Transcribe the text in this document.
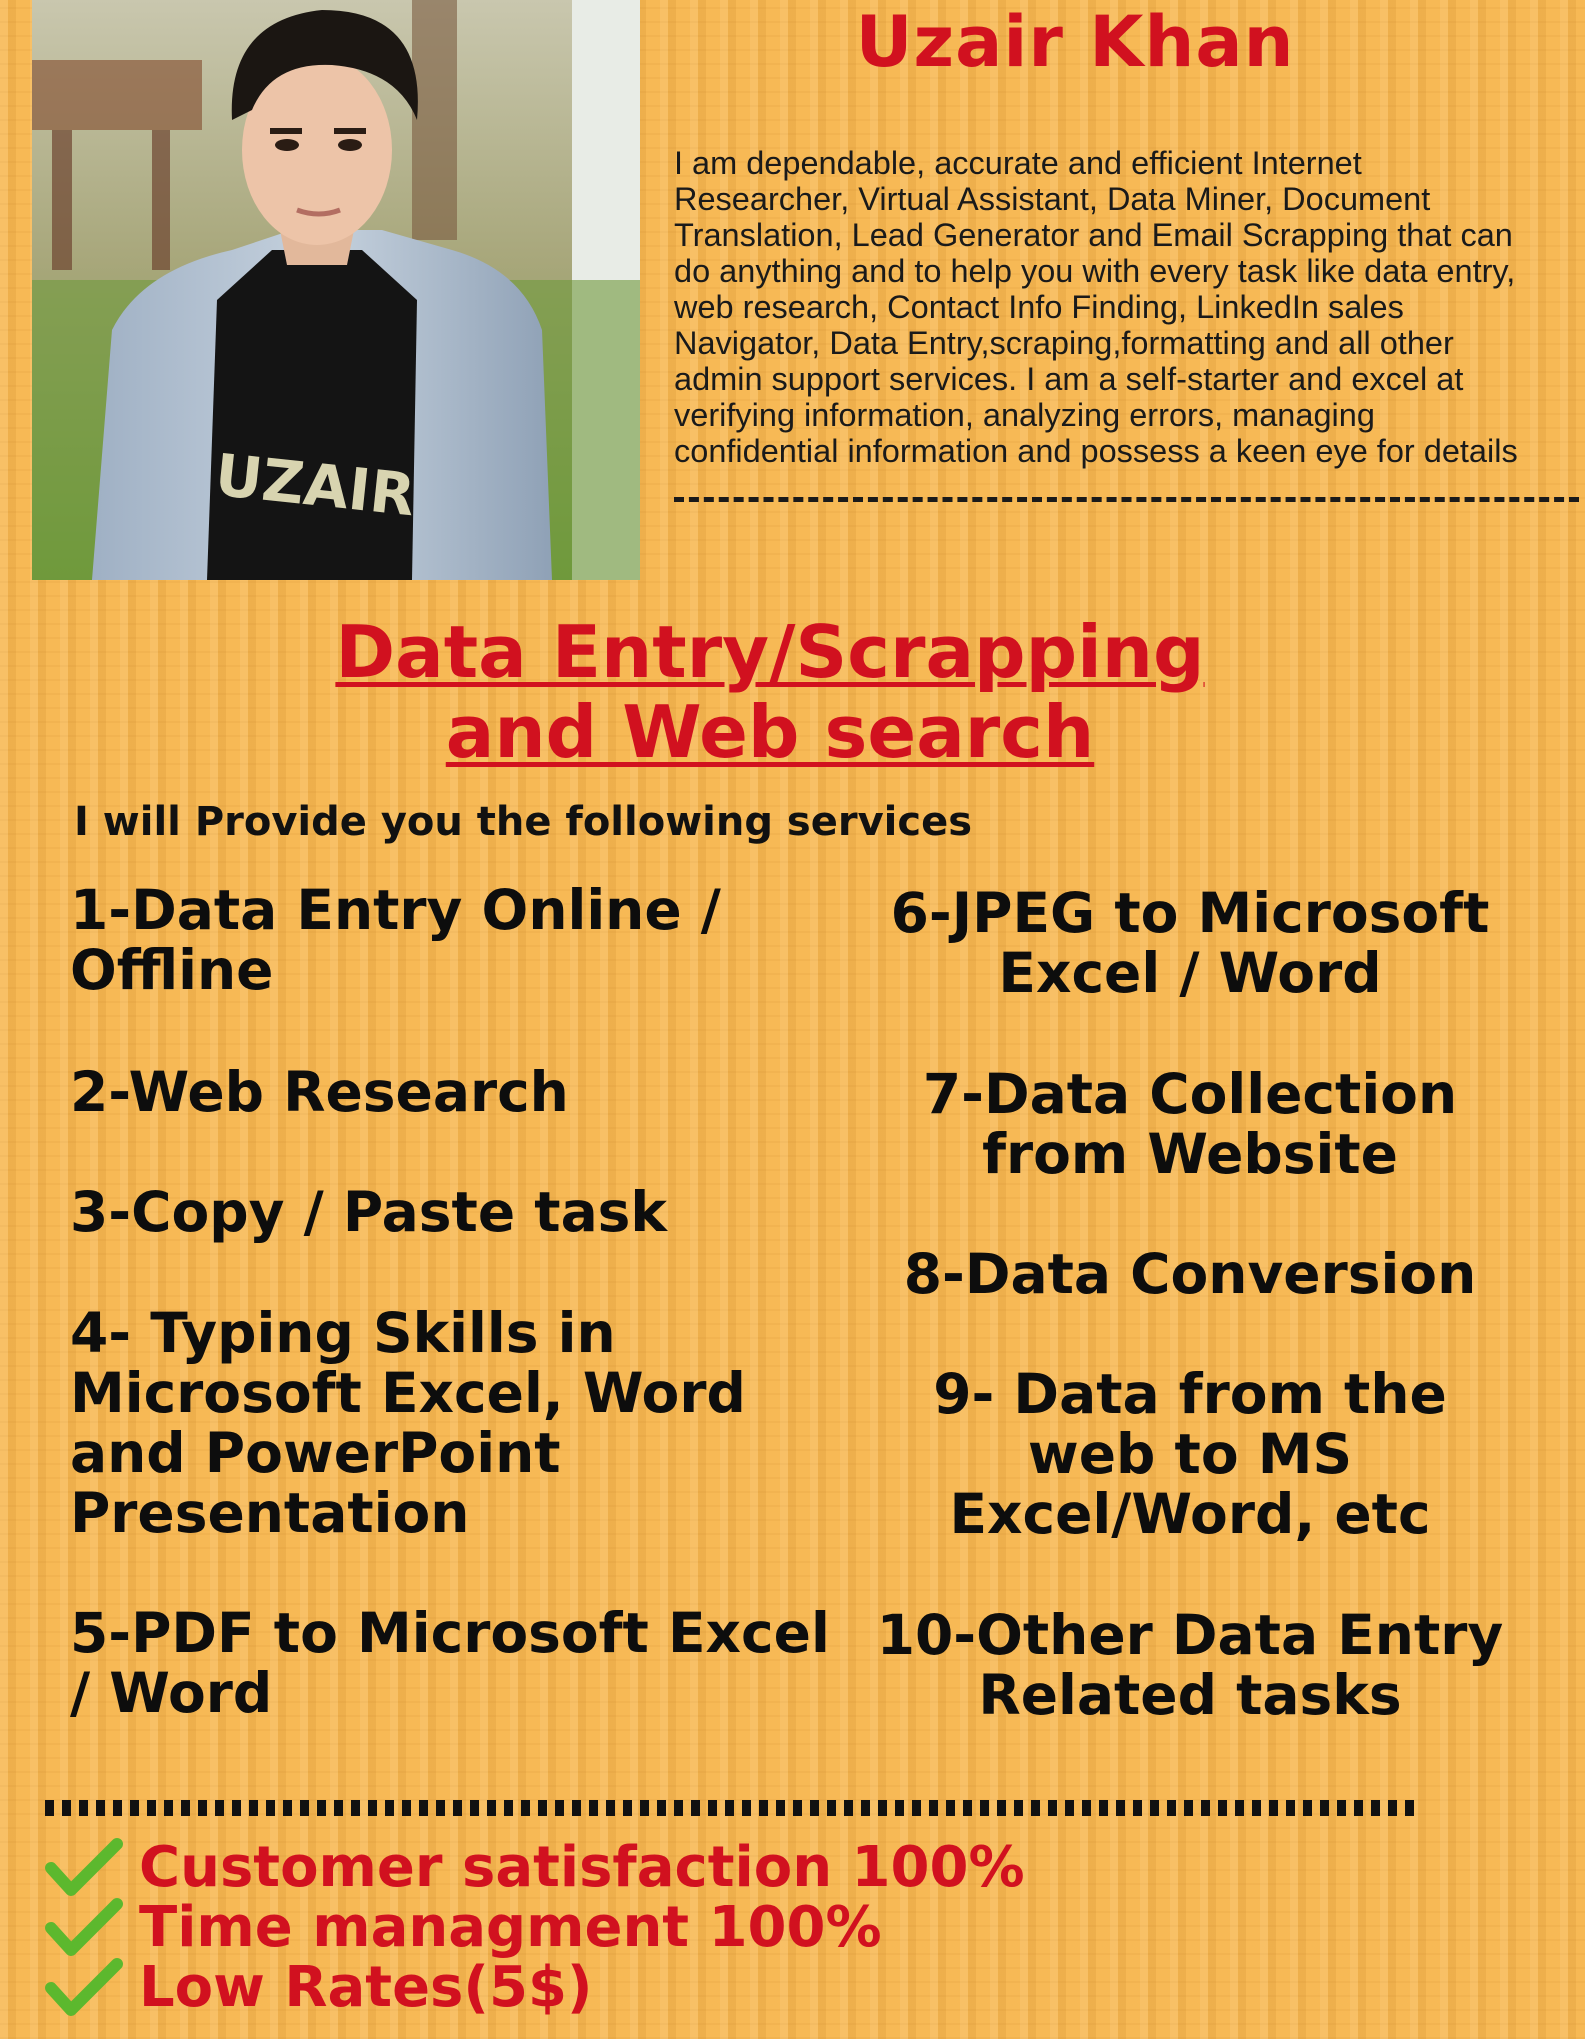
UZAIR
Uzair Khan
I am dependable, accurate and efficient Internet
Researcher, Virtual Assistant, Data Miner, Document
Translation, Lead Generator and Email Scrapping that can
do anything and to help you with every task like data entry,
web research, Contact Info Finding, LinkedIn sales
Navigator, Data Entry,scraping,formatting and all other
admin support services. I am a self-starter and excel at
verifying information, analyzing errors, managing
confidential information and possess a keen eye for details
Data Entry/Scrapping
and Web search

I will Provide you the following services

1-Data Entry Online /
Offline
2-Web Research
3-Copy / Paste task
4- Typing Skills in
Microsoft Excel, Word
and PowerPoint
Presentation
5-PDF to Microsoft Excel
/ Word
6-JPEG to Microsoft
Excel / Word
7-Data Collection
from Website
8-Data Conversion
9- Data from the
web to MS
Excel/Word, etc
10-Other Data Entry
Related tasks
Customer satisfaction 100%
Time managment 100%
Low Rates(5$)
